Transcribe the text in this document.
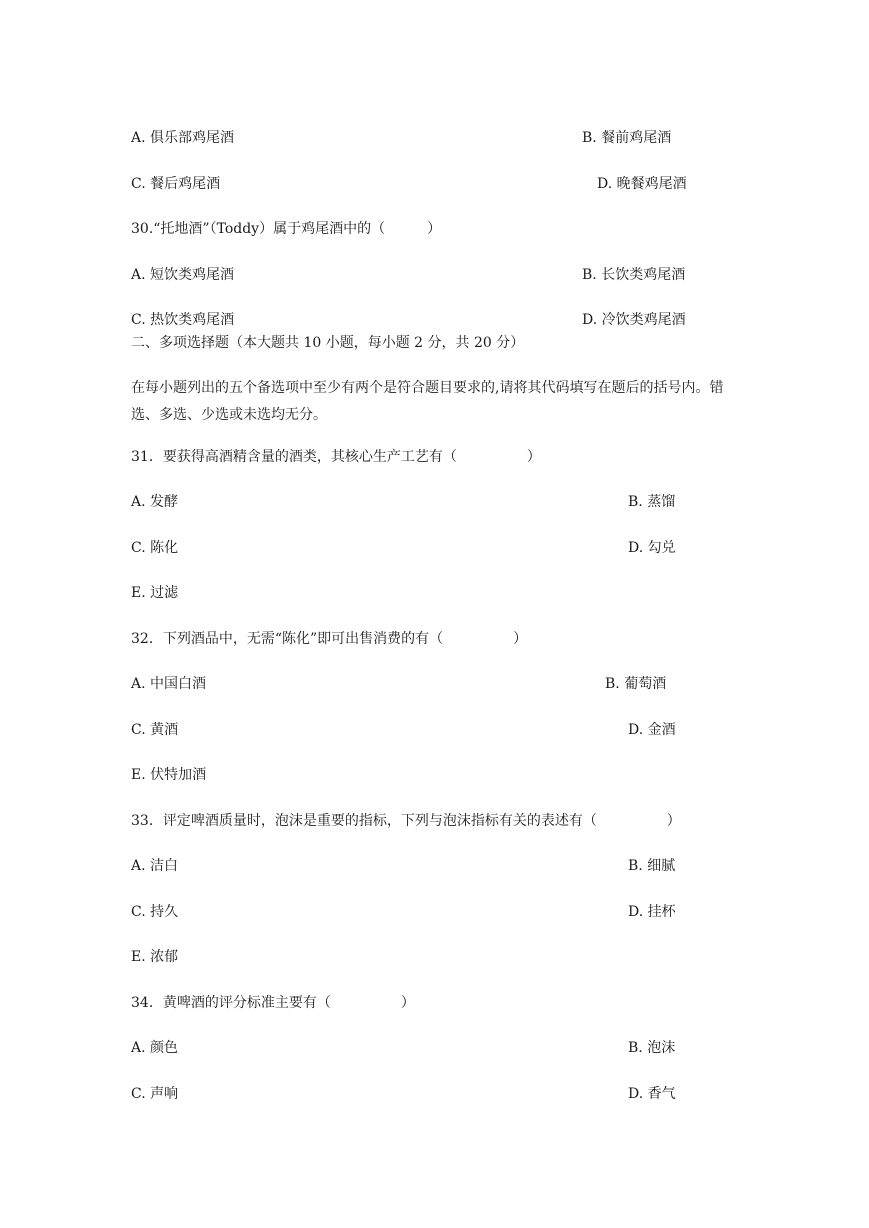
A. 俱乐部鸡尾酒	B. 餐前鸡尾酒
C. 餐后鸡尾酒	D. 晚餐鸡尾酒
30.“托地酒”（Toddy）属于鸡尾酒中的（　　　）
A. 短饮类鸡尾酒	B. 长饮类鸡尾酒
C. 热饮类鸡尾酒	D. 冷饮类鸡尾酒
二、多项选择题（本大题共 10 小题，每小题 2 分，共 20 分）
在每小题列出的五个备选项中至少有两个是符合题目要求的,请将其代码填写在题后的括号内。错选、多选、少选或未选均无分。
31．要获得高酒精含量的酒类，其核心生产工艺有（　　　　　）
A. 发酵	B. 蒸馏
C. 陈化	D. 勾兑
E. 过滤
32．下列酒品中，无需“陈化”即可出售消费的有（　　　　　）
A. 中国白酒	B. 葡萄酒
C. 黄酒	D. 金酒
E. 伏特加酒
33．评定啤酒质量时，泡沫是重要的指标，下列与泡沫指标有关的表述有（　　　　　）
A. 洁白	B. 细腻
C. 持久	D. 挂杯
E. 浓郁
34．黄啤酒的评分标准主要有（　　　　　）
A. 颜色	B. 泡沫
C. 声响	D. 香气
